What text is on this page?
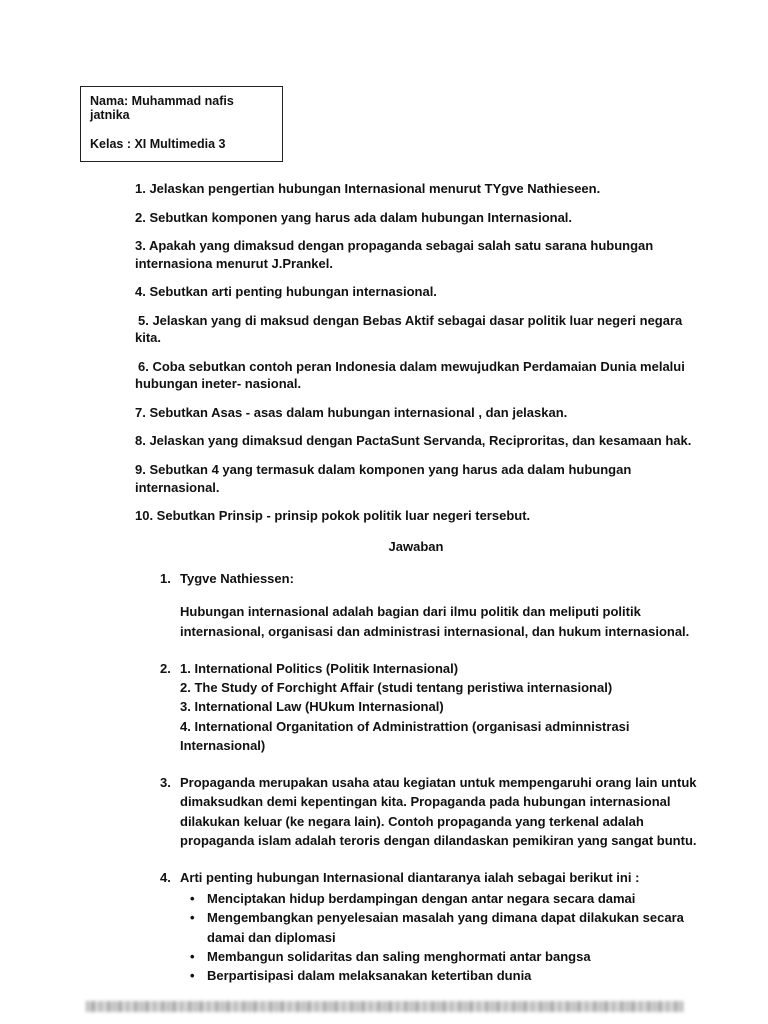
Nama: Muhammad nafis jatnika

Kelas : XI Multimedia 3

1. Jelaskan pengertian hubungan Internasional menurut TYgve Nathieseen.

2. Sebutkan komponen yang harus ada dalam hubungan Internasional.

3. Apakah yang dimaksud dengan propaganda sebagai salah satu sarana hubungan internasiona menurut J.Prankel.

4. Sebutkan arti penting hubungan internasional.

5. Jelaskan yang di maksud dengan Bebas Aktif sebagai dasar politik luar negeri negara kita.

6. Coba sebutkan contoh peran Indonesia dalam mewujudkan Perdamaian Dunia melalui hubungan ineter- nasional.

7. Sebutkan Asas - asas dalam hubungan internasional , dan jelaskan.

8. Jelaskan yang dimaksud dengan PactaSunt Servanda, Reciproritas, dan kesamaan hak.

9. Sebutkan 4 yang termasuk dalam komponen yang harus ada dalam hubungan internasional.

10. Sebutkan Prinsip - prinsip pokok politik luar negeri tersebut.

Jawaban

1. Tygve Nathiessen:

Hubungan internasional adalah bagian dari ilmu politik dan meliputi politik internasional, organisasi dan administrasi internasional, dan hukum internasional.

2. 1. International Politics (Politik Internasional)

2. The Study of Forchight Affair (studi tentang peristiwa internasional)

3. International Law (HUkum Internasional)

4. International Organitation of Administrattion (organisasi adminnistrasi Internasional)

3. Propaganda merupakan usaha atau kegiatan untuk mempengaruhi orang lain untuk dimaksudkan demi kepentingan kita. Propaganda pada hubungan internasional dilakukan keluar (ke negara lain). Contoh propaganda yang terkenal adalah propaganda islam adalah teroris dengan dilandaskan pemikiran yang sangat buntu.

4. Arti penting hubungan Internasional diantaranya ialah sebagai berikut ini :

• Menciptakan hidup berdampingan dengan antar negara secara damai
• Mengembangkan penyelesaian masalah yang dimana dapat dilakukan secara damai dan diplomasi
• Membangun solidaritas dan saling menghormati antar bangsa
• Berpartisipasi dalam melaksanakan ketertiban dunia
